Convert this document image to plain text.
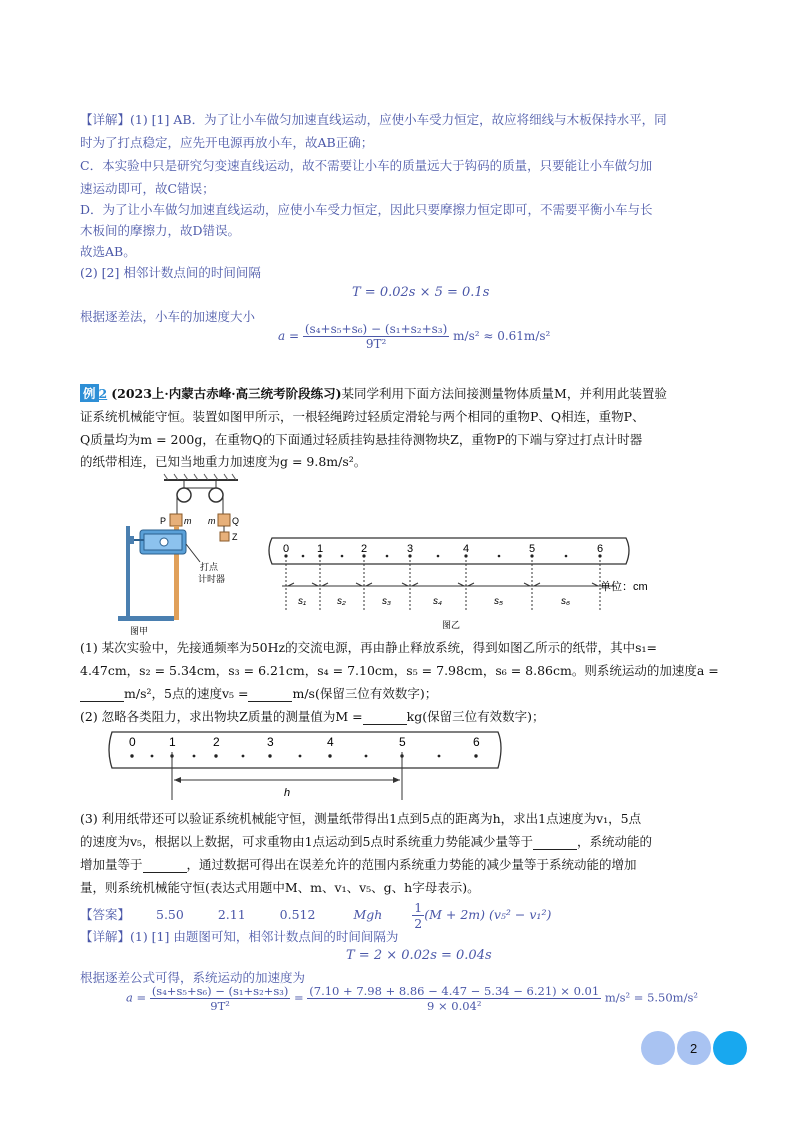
【详解】(1) [1] AB．为了让小车做匀加速直线运动，应使小车受力恒定，故应将细线与木板保持水平，同
时为了打点稳定，应先开电源再放小车，故AB正确；
C．本实验中只是研究匀变速直线运动，故不需要让小车的质量远大于钩码的质量，只要能让小车做匀加
速运动即可，故C错误；
D．为了让小车做匀加速直线运动，应使小车受力恒定，因此只要摩擦力恒定即可，不需要平衡小车与长
木板间的摩擦力，故D错误。
故选AB。
(2) [2] 相邻计数点间的时间间隔
T = 0.02s × 5 = 0.1s
根据逐差法，小车的加速度大小
$a = \frac{\text{(s₄+s₅+s₆) − (s₁+s₂+s₃)}}{\text{9T²}} m/s^2 \approx 0.61m/s^2$
例 2 (2023上·内蒙古赤峰·高三统考阶段练习)某同学利用下面方法间接测量物体质量M，并利用此装置验
证系统机械能守恒。装置如图甲所示，一根轻绳跨过轻质定滑轮与两个相同的重物P、Q相连，重物P、
Q质量均为m = 200g，在重物Q的下面通过轻质挂钩悬挂待测物块Z，重物P的下端与穿过打点计时器
的纸带相连，已知当地重力加速度为g = 9.8m/s²。
P m m Q
Z
打点
计时器
图甲
0	1	2	3	4	5	6
s₁	s₂	s₃	s₄	s₅	s₆
单位：cm
图乙
(1) 某次实验中，先接通频率为50Hz的交流电源，再由静止释放系统，得到如图乙所示的纸带，其中s₁=
4.47cm，s₂ = 5.34cm，s₃ = 6.21cm，s₄ = 7.10cm，s₅ = 7.98cm，s₆ = 8.86cm。则系统运动的加速度a =
m/s²，5点的速度v₅ =	m/s(保留三位有效数字)；
(2) 忽略各类阻力，求出物块Z质量的测量值为M =	kg(保留三位有效数字)；
0	1	2	3	4	5	6
h
(3) 利用纸带还可以验证系统机械能守恒，测量纸带得出1点到5点的距离为h，求出1点速度为v₁，5点
的速度为v₅，根据以上数据，可求重物由1点运动到5点时系统重力势能减少量等于	，系统动能的
增加量等于	，通过数据可得出在误差允许的范围内系统重力势能的减少量等于系统动能的增加
量，则系统机械能守恒(表达式用题中M、m、v₁、v₅、g、h字母表示)。
【答案】 5.50	2.11	0.512	Mgh $\frac{1}{2} (M + 2m) (v_5^2 - v_1^2)$
【详解】(1) [1] 由题图可知，相邻计数点间的时间间隔为
T = 2 × 0.02s = 0.04s
根据逐差公式可得，系统运动的加速度为
$a = \frac{\text{(s₄+s₅+s₆) − (s₁+s₂+s₃)}}{\text{9T²}} = \frac{(7.10 + 7.98 + 8.86 - 4.47 - 5.34 - 6.21) \times 0.01}{\text{9 × 0.04²}} m/s^2 = 5.50m/s^2$
2
